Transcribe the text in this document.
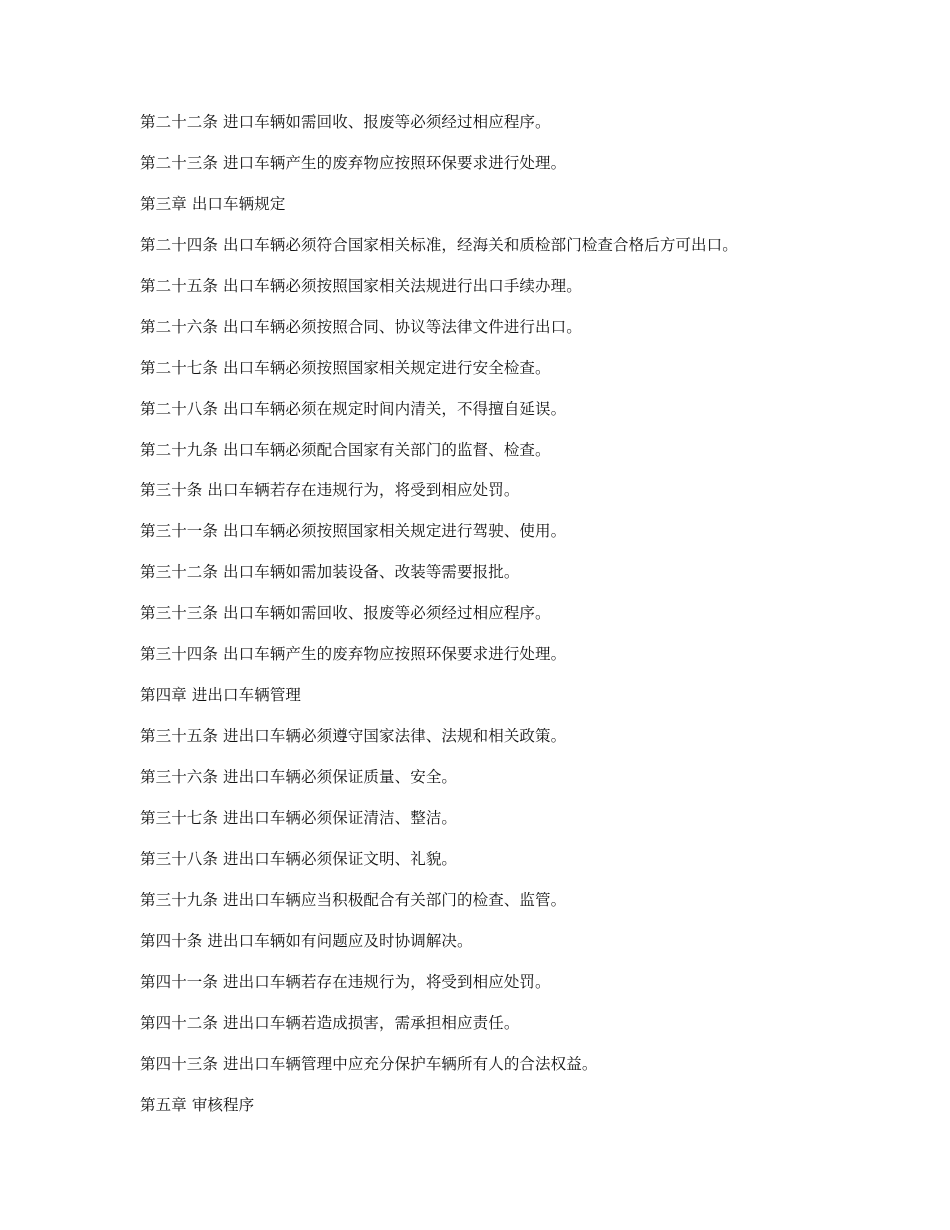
第二十二条 进口车辆如需回收、报废等必须经过相应程序。
第二十三条 进口车辆产生的废弃物应按照环保要求进行处理。
第三章 出口车辆规定
第二十四条 出口车辆必须符合国家相关标准，经海关和质检部门检查合格后方可出口。
第二十五条 出口车辆必须按照国家相关法规进行出口手续办理。
第二十六条 出口车辆必须按照合同、协议等法律文件进行出口。
第二十七条 出口车辆必须按照国家相关规定进行安全检查。
第二十八条 出口车辆必须在规定时间内清关，不得擅自延误。
第二十九条 出口车辆必须配合国家有关部门的监督、检查。
第三十条 出口车辆若存在违规行为，将受到相应处罚。
第三十一条 出口车辆必须按照国家相关规定进行驾驶、使用。
第三十二条 出口车辆如需加装设备、改装等需要报批。
第三十三条 出口车辆如需回收、报废等必须经过相应程序。
第三十四条 出口车辆产生的废弃物应按照环保要求进行处理。
第四章 进出口车辆管理
第三十五条 进出口车辆必须遵守国家法律、法规和相关政策。
第三十六条 进出口车辆必须保证质量、安全。
第三十七条 进出口车辆必须保证清洁、整洁。
第三十八条 进出口车辆必须保证文明、礼貌。
第三十九条 进出口车辆应当积极配合有关部门的检查、监管。
第四十条 进出口车辆如有问题应及时协调解决。
第四十一条 进出口车辆若存在违规行为，将受到相应处罚。
第四十二条 进出口车辆若造成损害，需承担相应责任。
第四十三条 进出口车辆管理中应充分保护车辆所有人的合法权益。
第五章 审核程序
